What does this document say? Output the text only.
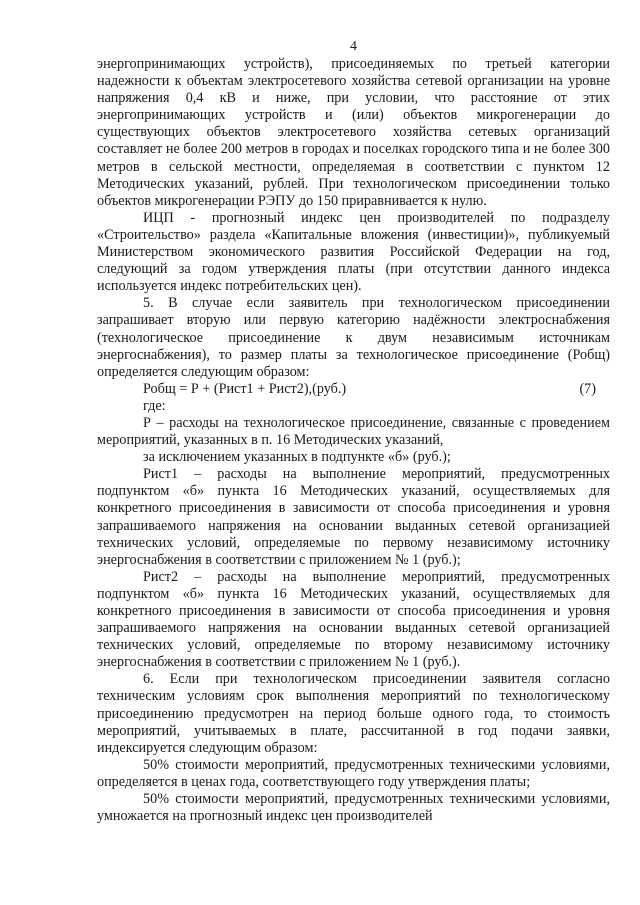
4

энергопринимающих устройств), присоединяемых по третьей категории надежности к объектам электросетевого хозяйства сетевой организации на уровне напряжения 0,4 кВ и ниже, при условии, что расстояние от этих энергопринимающих устройств и (или) объектов микрогенерации до существующих объектов электросетевого хозяйства сетевых организаций составляет не более 200 метров в городах и поселках городского типа и не более 300 метров в сельской местности, определяемая в соответствии с пунктом 12 Методических указаний, рублей. При технологическом присоединении только объектов микрогенерации РЭПУ до 150 приравнивается к нулю.

ИЦП - прогнозный индекс цен производителей по подразделу «Строительство» раздела «Капитальные вложения (инвестиции)», публикуемый Министерством экономического развития Российской Федерации на год, следующий за годом утверждения платы (при отсутствии данного индекса используется индекс потребительских цен).

5. В случае если заявитель при технологическом присоединении запрашивает вторую или первую категорию надёжности электроснабжения (технологическое присоединение к двум независимым источникам энергоснабжения), то размер платы за технологическое присоединение (Робщ) определяется следующим образом:

Робщ = Р + (Рист1 + Рист2),(руб.)	(7)

где:

Р – расходы на технологическое присоединение, связанные с проведением мероприятий, указанных в п. 16 Методических указаний,

за исключением указанных в подпункте «б» (руб.);

Рист1 – расходы на выполнение мероприятий, предусмотренных подпунктом «б» пункта 16 Методических указаний, осуществляемых для конкретного присоединения в зависимости от способа присоединения и уровня запрашиваемого напряжения на основании выданных сетевой организацией технических условий, определяемые по первому независимому источнику энергоснабжения в соответствии с приложением № 1 (руб.);

Рист2 – расходы на выполнение мероприятий, предусмотренных подпунктом «б» пункта 16 Методических указаний, осуществляемых для конкретного присоединения в зависимости от способа присоединения и уровня запрашиваемого напряжения на основании выданных сетевой организацией технических условий, определяемые по второму независимому источнику энергоснабжения в соответствии с приложением № 1 (руб.).

6. Если при технологическом присоединении заявителя согласно техническим условиям срок выполнения мероприятий по технологическому присоединению предусмотрен на период больше одного года, то стоимость мероприятий, учитываемых в плате, рассчитанной в год подачи заявки, индексируется следующим образом:

50% стоимости мероприятий, предусмотренных техническими условиями, определяется в ценах года, соответствующего году утверждения платы;

50% стоимости мероприятий, предусмотренных техническими условиями, умножается на прогнозный индекс цен производителей
